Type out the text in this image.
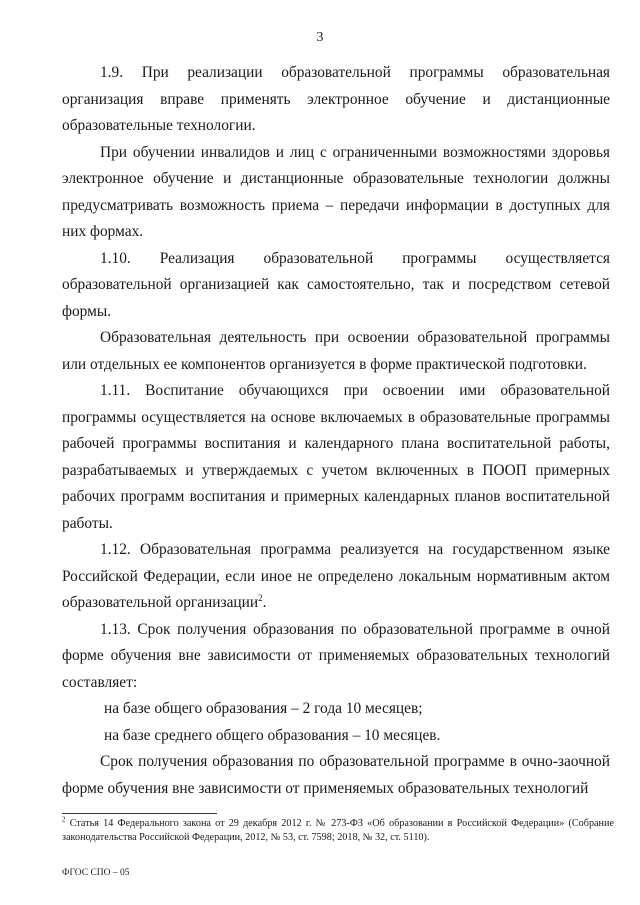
3

1.9. При реализации образовательной программы образовательная организация вправе применять электронное обучение и дистанционные образовательные технологии.

При обучении инвалидов и лиц с ограниченными возможностями здоровья электронное обучение и дистанционные образовательные технологии должны предусматривать возможность приема – передачи информации в доступных для них формах.

1.10. Реализация образовательной программы осуществляется образовательной организацией как самостоятельно, так и посредством сетевой формы.

Образовательная деятельность при освоении образовательной программы или отдельных ее компонентов организуется в форме практической подготовки.

1.11. Воспитание обучающихся при освоении ими образовательной программы осуществляется на основе включаемых в образовательные программы рабочей программы воспитания и календарного плана воспитательной работы, разрабатываемых и утверждаемых с учетом включенных в ПООП примерных рабочих программ воспитания и примерных календарных планов воспитательной работы.

1.12. Образовательная программа реализуется на государственном языке Российской Федерации, если иное не определено локальным нормативным актом образовательной организации$^2$.

1.13. Срок получения образования по образовательной программе в очной форме обучения вне зависимости от применяемых образовательных технологий составляет:

на базе общего образования – 2 года 10 месяцев;

на базе среднего общего образования – 10 месяцев.

Срок получения образования по образовательной программе в очно-заочной форме обучения вне зависимости от применяемых образовательных технологий

$^2$ Статья 14 Федерального закона от 29 декабря 2012 г. № 273-ФЗ «Об образовании в Российской Федерации» (Собрание законодательства Российской Федерации, 2012, № 53, ст. 7598; 2018, № 32, ст. 5110).
ФГОС СПО – 05
